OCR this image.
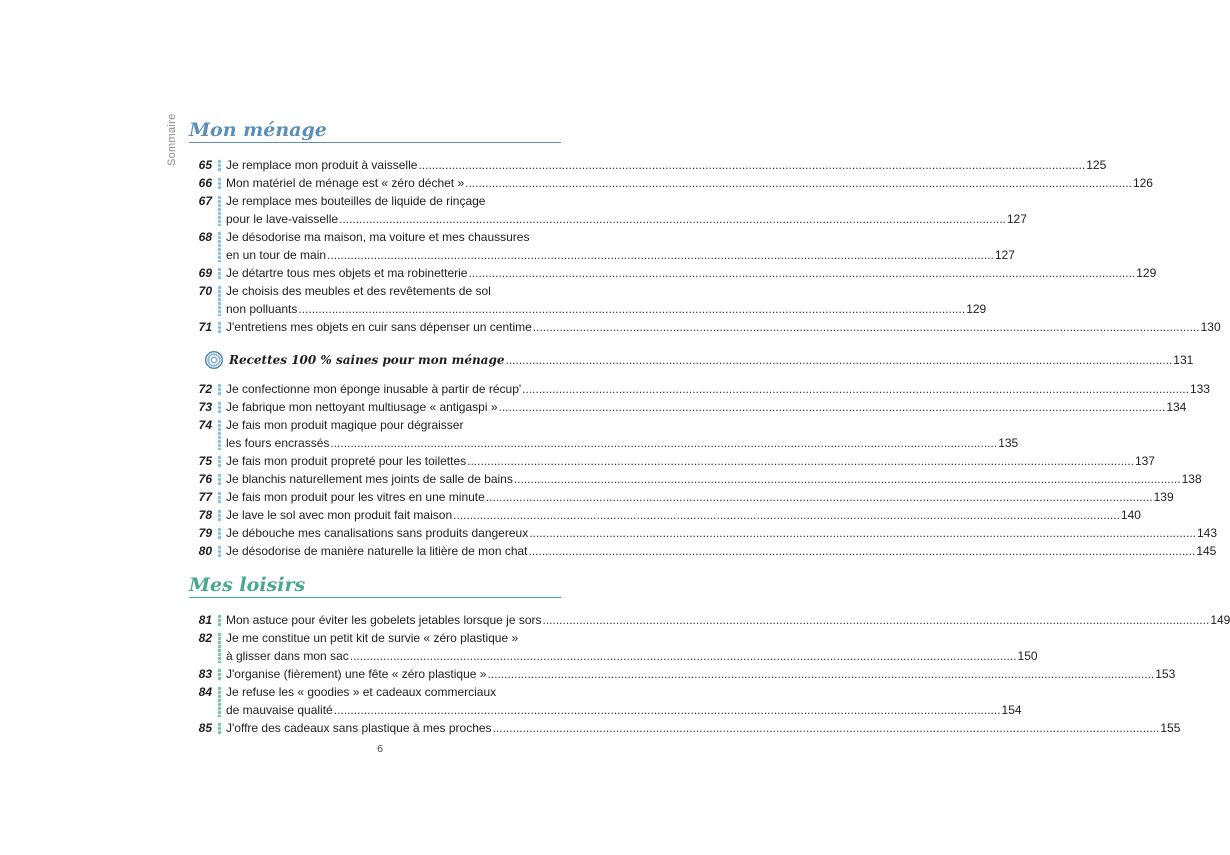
Sommaire Mon ménage
65 Je remplace mon produit à vaisselle .....	125
66 Mon matériel de ménage est « zéro déchet » .....	126
67 Je remplace mes bouteilles de liquide de rinçage
pour le lave-vaisselle .....	127
68 Je désodorise ma maison, ma voiture et mes chaussures
en un tour de main .....	127
69 Je détartre tous mes objets et ma robinetterie .....	129
70 Je choisis des meubles et des revêtements de sol
non polluants .....	129
71 J'entretiens mes objets en cuir sans dépenser un centime .....	130
Recettes 100 % saines pour mon ménage .....	131
72 Je confectionne mon éponge inusable à partir de récup' .....	133
73 Je fabrique mon nettoyant multiusage « antigaspi » .....	134
74 Je fais mon produit magique pour dégraisser
les fours encrassés .....	135
75 Je fais mon produit propreté pour les toilettes .....	137
76 Je blanchis naturellement mes joints de salle de bains .....	138
77 Je fais mon produit pour les vitres en une minute .....	139
78 Je lave le sol avec mon produit fait maison .....	140
79 Je débouche mes canalisations sans produits dangereux .....	143
80 Je désodorise de manière naturelle la litière de mon chat .....	145
Mes loisirs
81 Mon astuce pour éviter les gobelets jetables lorsque je sors .....	149
82 Je me constitue un petit kit de survie « zéro plastique »
à glisser dans mon sac .....	150
83 J'organise (fièrement) une fête « zéro plastique » .....	153
84 Je refuse les « goodies » et cadeaux commerciaux
de mauvaise qualité .....	154
85 J'offre des cadeaux sans plastique à mes proches .....	155
6
